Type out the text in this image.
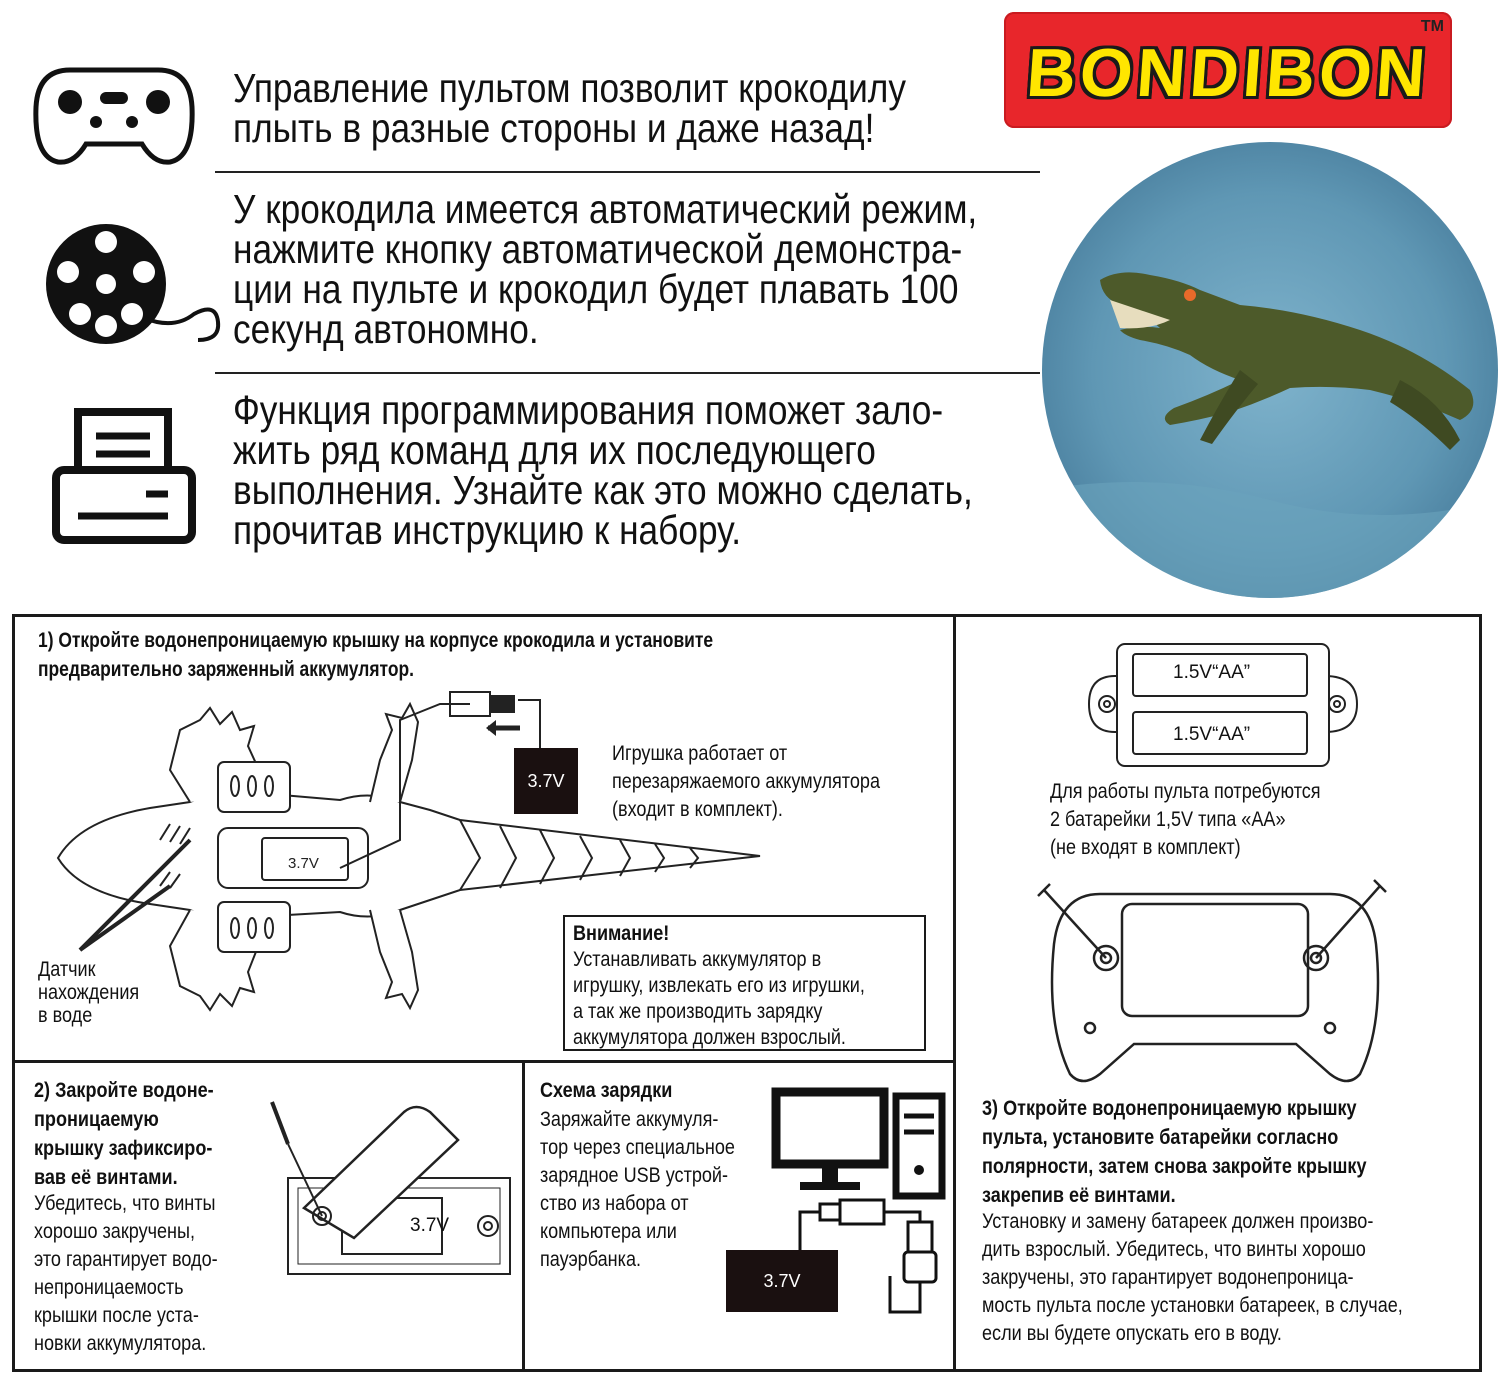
Управление пультом позволит крокодилу
плыть в разные стороны и даже назад!
У крокодила имеется автоматический режим,
нажмите кнопку автоматической демонстра-
ции на пульте и крокодил будет плавать 100
секунд автономно.
Функция программирования поможет зало-
жить ряд команд для их последующего
выполнения. Узнайте как это можно сделать,
прочитав инструкцию к набору.
BONDIBON
TM
1) Откройте водонепроницаемую крышку на корпусе крокодила и установите
предварительно заряженный аккумулятор.
3.7V
3.7V
Игрушка работает от
перезаряжаемого аккумулятора
(входит в комплект).
Датчик
нахождения
в воде
Внимание!
Устанавливать аккумулятор в
игрушку, извлекать его из игрушки,
а так же производить зарядку
аккумулятора должен взрослый.
1.5V“AA”
1.5V“AA”
Для работы пульта потребуются
2 батарейки 1,5V типа «АА»
(не входят в комплект)
3) Откройте водонепроницаемую крышку
пульта, установите батарейки согласно
полярности, затем снова закройте крышку
закрепив её винтами.
Установку и замену батареек должен произво-
дить взрослый. Убедитесь, что винты хорошо
закручены, это гарантирует водонепроница-
мость пульта после установки батареек, в случае,
если вы будете опускать его в воду.
2) Закройте водоне-
проницаемую
крышку зафиксиро-
вав её винтами.
Убедитесь, что винты
хорошо закручены,
это гарантирует водо-
непроницаемость
крышки после уста-
новки аккумулятора.
3.7V
Схема зарядки
Заряжайте аккумуля-
тор через специальное
зарядное USB устрой-
ство из набора от
компьютера или
пауэрбанка.
3.7V
